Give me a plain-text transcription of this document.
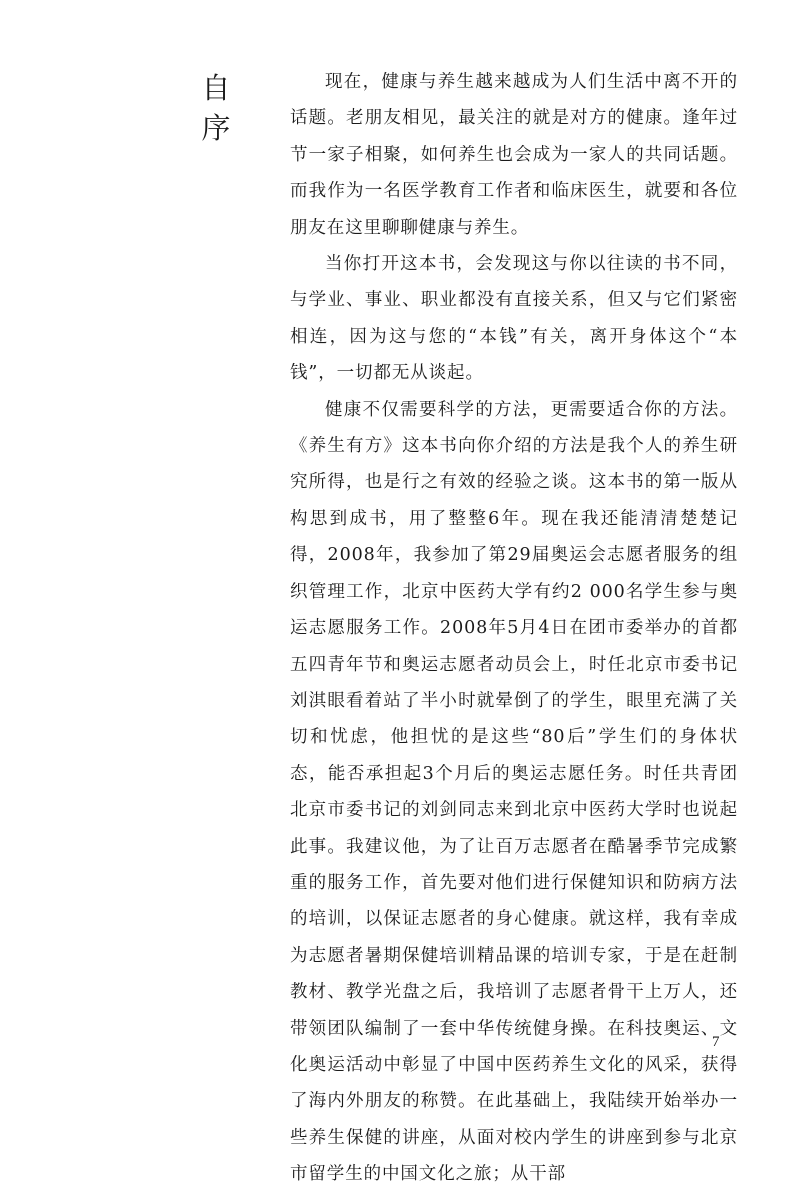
自
序

现在，健康与养生越来越成为人们生活中离不开的话题。老朋友相见，最关注的就是对方的健康。逢年过节一家子相聚，如何养生也会成为一家人的共同话题。而我作为一名医学教育工作者和临床医生，就要和各位朋友在这里聊聊健康与养生。

当你打开这本书，会发现这与你以往读的书不同，与学业、事业、职业都没有直接关系，但又与它们紧密相连，因为这与您的“本钱”有关，离开身体这个“本钱”，一切都无从谈起。

健康不仅需要科学的方法，更需要适合你的方法。《养生有方》这本书向你介绍的方法是我个人的养生研究所得，也是行之有效的经验之谈。这本书的第一版从构思到成书，用了整整6年。现在我还能清清楚楚记得，2008年，我参加了第29届奥运会志愿者服务的组织管理工作，北京中医药大学有约2 000名学生参与奥运志愿服务工作。2008年5月4日在团市委举办的首都五四青年节和奥运志愿者动员会上，时任北京市委书记刘淇眼看着站了半小时就晕倒了的学生，眼里充满了关切和忧虑，他担忧的是这些“80后”学生们的身体状态，能否承担起3个月后的奥运志愿任务。时任共青团北京市委书记的刘剑同志来到北京中医药大学时也说起此事。我建议他，为了让百万志愿者在酷暑季节完成繁重的服务工作，首先要对他们进行保健知识和防病方法的培训，以保证志愿者的身心健康。就这样，我有幸成为志愿者暑期保健培训精品课的培训专家，于是在赶制教材、教学光盘之后，我培训了志愿者骨干上万人，还带领团队编制了一套中华传统健身操。在科技奥运、文化奥运活动中彰显了中国中医药养生文化的风采，获得了海内外朋友的称赞。在此基础上，我陆续开始举办一些养生保健的讲座，从面对校内学生的讲座到参与北京市留学生的中国文化之旅；从干部

7
